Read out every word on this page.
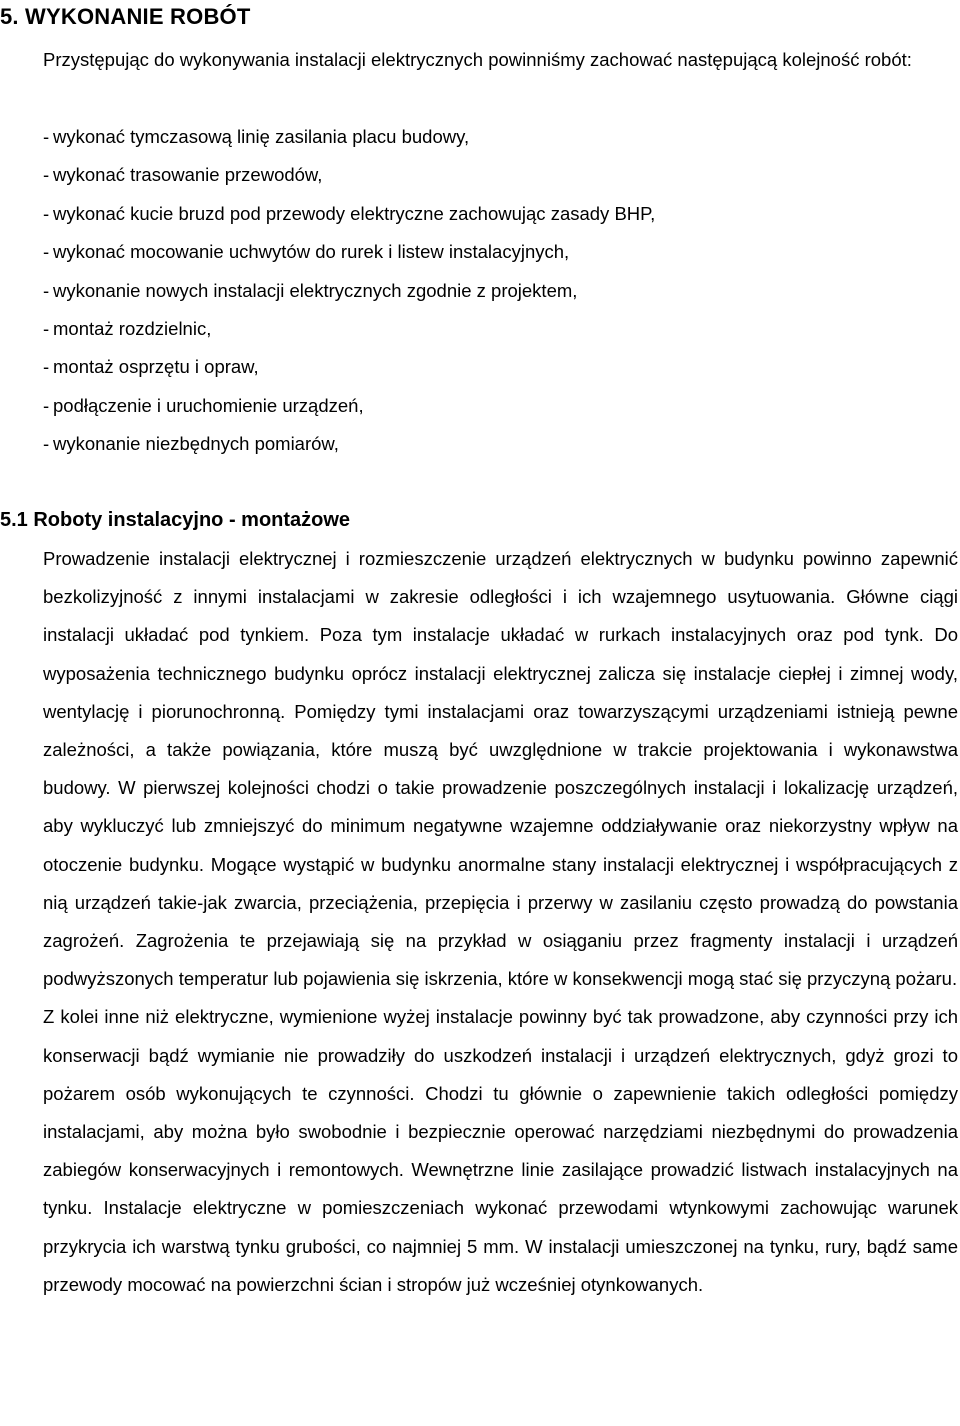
5. WYKONANIE ROBÓT

Przystępując do wykonywania instalacji elektrycznych powinniśmy zachować następującą kolejność robót:

- wykonać tymczasową linię zasilania placu budowy,
- wykonać trasowanie przewodów,
- wykonać kucie bruzd pod przewody elektryczne zachowując zasady BHP,
- wykonać mocowanie uchwytów do rurek i listew instalacyjnych,
- wykonanie nowych instalacji elektrycznych zgodnie z projektem,
- montaż rozdzielnic,
- montaż osprzętu i opraw,
- podłączenie i uruchomienie urządzeń,
- wykonanie niezbędnych pomiarów,
5.1 Roboty instalacyjno - montażowe

Prowadzenie instalacji elektrycznej i rozmieszczenie urządzeń elektrycznych w budynku powinno zapewnić bezkolizyjność z innymi instalacjami w zakresie odległości i ich wzajemnego usytuowania. Główne ciągi instalacji układać pod tynkiem. Poza tym instalacje układać w rurkach instalacyjnych oraz pod tynk. Do wyposażenia technicznego budynku oprócz instalacji elektrycznej zalicza się instalacje ciepłej i zimnej wody, wentylację i piorunochronną. Pomiędzy tymi instalacjami oraz towarzyszącymi urządzeniami istnieją pewne zależności, a także powiązania, które muszą być uwzględnione w trakcie projektowania i wykonawstwa budowy. W pierwszej kolejności chodzi o takie prowadzenie poszczególnych instalacji i lokalizację urządzeń, aby wykluczyć lub zmniejszyć do minimum negatywne wzajemne oddziaływanie oraz niekorzystny wpływ na otoczenie budynku. Mogące wystąpić w budynku anormalne stany instalacji elektrycznej i współpracujących z nią urządzeń takie-jak zwarcia, przeciążenia, przepięcia i przerwy w zasilaniu często prowadzą do powstania zagrożeń. Zagrożenia te przejawiają się na przykład w osiąganiu przez fragmenty instalacji i urządzeń podwyższonych temperatur lub pojawienia się iskrzenia, które w konsekwencji mogą stać się przyczyną pożaru.

Z kolei inne niż elektryczne, wymienione wyżej instalacje powinny być tak prowadzone, aby czynności przy ich konserwacji bądź wymianie nie prowadziły do uszkodzeń instalacji i urządzeń elektrycznych, gdyż grozi to pożarem osób wykonujących te czynności. Chodzi tu głównie o zapewnienie takich odległości pomiędzy instalacjami, aby można było swobodnie i bezpiecznie operować narzędziami niezbędnymi do prowadzenia zabiegów konserwacyjnych i remontowych. Wewnętrzne linie zasilające prowadzić listwach instalacyjnych na tynku. Instalacje elektryczne w pomieszczeniach wykonać przewodami wtynkowymi zachowując warunek przykrycia ich warstwą tynku grubości, co najmniej 5 mm. W instalacji umieszczonej na tynku, rury, bądź same przewody mocować na powierzchni ścian i stropów już wcześniej otynkowanych.
